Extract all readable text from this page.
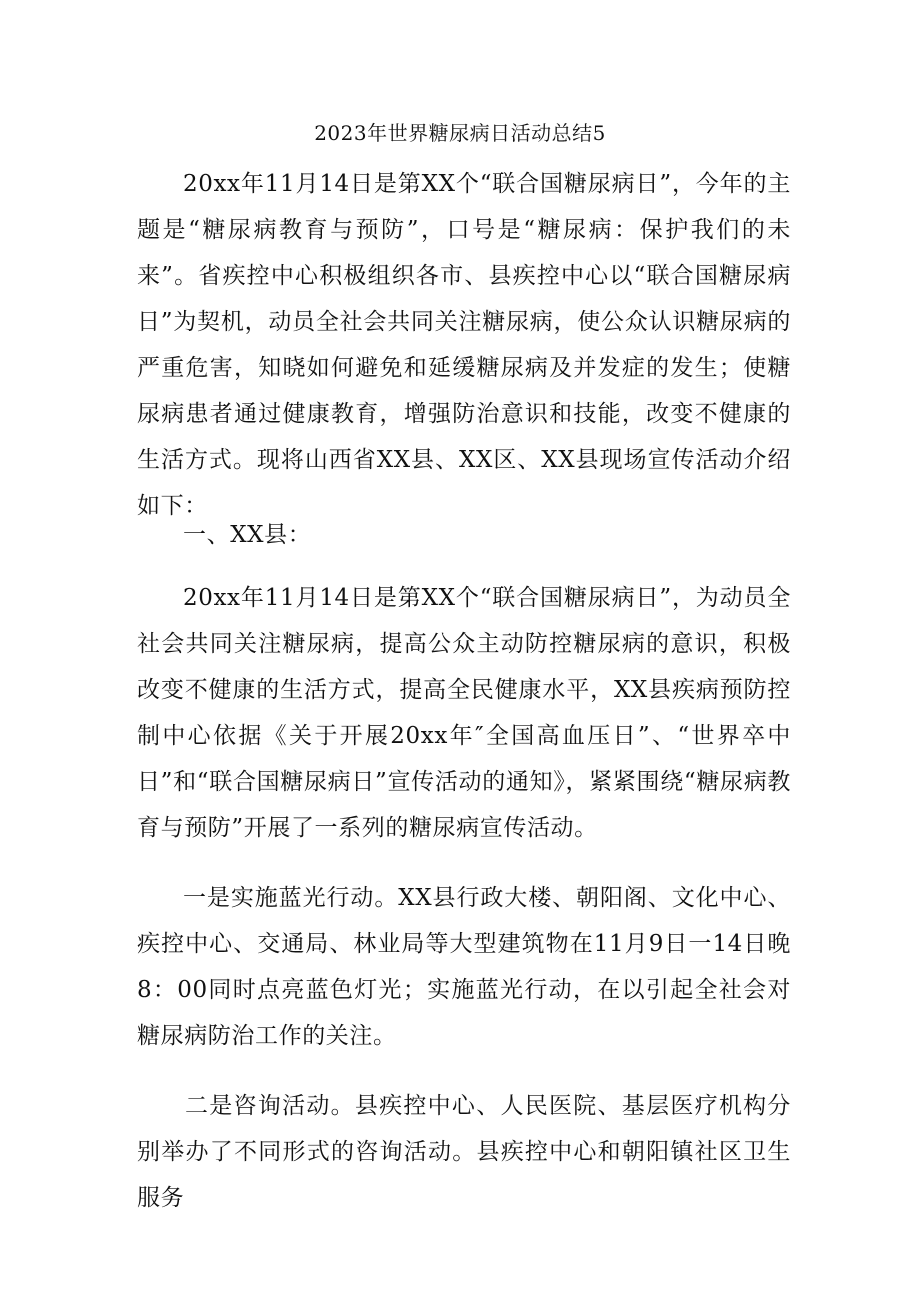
2023年世界糖尿病日活动总结5

20xx年11月14日是第XX个“联合国糖尿病日”，今年的主题是“糖尿病教育与预防”，口号是“糖尿病：保护我们的未来”。省疾控中心积极组织各市、县疾控中心以“联合国糖尿病日”为契机，动员全社会共同关注糖尿病，使公众认识糖尿病的严重危害，知晓如何避免和延缓糖尿病及并发症的发生；使糖尿病患者通过健康教育，增强防治意识和技能，改变不健康的生活方式。现将山西省XX县、XX区、XX县现场宣传活动介绍如下：

一、XX县：

20xx年11月14日是第XX个“联合国糖尿病日”，为动员全社会共同关注糖尿病，提高公众主动防控糖尿病的意识，积极改变不健康的生活方式，提高全民健康水平，XX县疾病预防控制中心依据《关于开展20xx年″全国高血压日”、“世界卒中日”和“联合国糖尿病日”宣传活动的通知》，紧紧围绕“糖尿病教育与预防”开展了一系列的糖尿病宣传活动。

一是实施蓝光行动。XX县行政大楼、朝阳阁、文化中心、疾控中心、交通局、林业局等大型建筑物在11月9日一14日晚8：00同时点亮蓝色灯光；实施蓝光行动，在以引起全社会对糖尿病防治工作的关注。

二是咨询活动。县疾控中心、人民医院、基层医疗机构分别举办了不同形式的咨询活动。县疾控中心和朝阳镇社区卫生服务
